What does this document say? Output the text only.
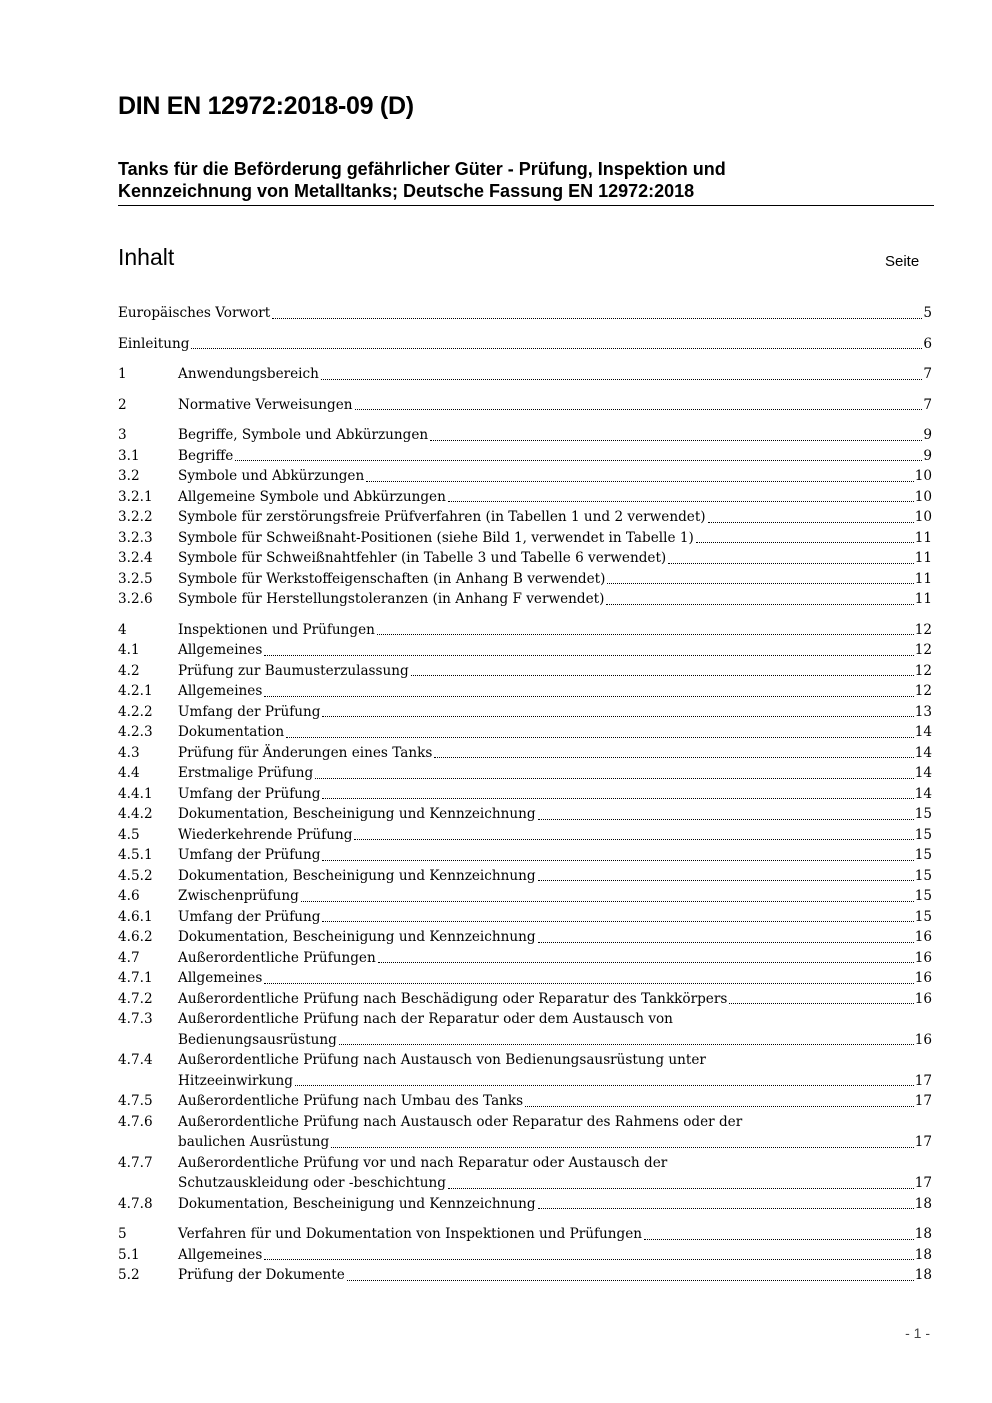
DIN EN 12972:2018-09 (D)
Tanks für die Beförderung gefährlicher Güter - Prüfung, Inspektion und
Kennzeichnung von Metalltanks; Deutsche Fassung EN 12972:2018
Inhalt	Seite
Europäisches Vorwort	5
Einleitung	6
1	Anwendungsbereich	7
2	Normative Verweisungen	7
3	Begriffe, Symbole und Abkürzungen	9
3.1	Begriffe	9
3.2	Symbole und Abkürzungen	10
3.2.1 Allgemeine Symbole und Abkürzungen	10
3.2.2 Symbole für zerstörungsfreie Prüfverfahren (in Tabellen 1 und 2 verwendet)	10
3.2.3 Symbole für Schweißnaht-Positionen (siehe Bild 1, verwendet in Tabelle 1)	11
3.2.4 Symbole für Schweißnahtfehler (in Tabelle 3 und Tabelle 6 verwendet)	11
3.2.5 Symbole für Werkstoffeigenschaften (in Anhang B verwendet)	11
3.2.6 Symbole für Herstellungstoleranzen (in Anhang F verwendet)	11
4	Inspektionen und Prüfungen	12
4.1	Allgemeines	12
4.2	Prüfung zur Baumusterzulassung	12
4.2.1 Allgemeines	12
4.2.2 Umfang der Prüfung	13
4.2.3 Dokumentation	14
4.3	Prüfung für Änderungen eines Tanks	14
4.4	Erstmalige Prüfung	14
4.4.1 Umfang der Prüfung	14
4.4.2 Dokumentation, Bescheinigung und Kennzeichnung	15
4.5	Wiederkehrende Prüfung	15
4.5.1 Umfang der Prüfung	15
4.5.2 Dokumentation, Bescheinigung und Kennzeichnung	15
4.6	Zwischenprüfung	15
4.6.1 Umfang der Prüfung	15
4.6.2 Dokumentation, Bescheinigung und Kennzeichnung	16
4.7	Außerordentliche Prüfungen	16
4.7.1 Allgemeines	16
4.7.2 Außerordentliche Prüfung nach Beschädigung oder Reparatur des Tankkörpers	16
4.7.3 Außerordentliche Prüfung nach der Reparatur oder dem Austausch von
Bedienungsausrüstung	16
4.7.4 Außerordentliche Prüfung nach Austausch von Bedienungsausrüstung unter
Hitzeeinwirkung	17
4.7.5 Außerordentliche Prüfung nach Umbau des Tanks	17
4.7.6 Außerordentliche Prüfung nach Austausch oder Reparatur des Rahmens oder der
baulichen Ausrüstung	17
4.7.7 Außerordentliche Prüfung vor und nach Reparatur oder Austausch der
Schutzauskleidung oder -beschichtung	17
4.7.8 Dokumentation, Bescheinigung und Kennzeichnung	18
5	Verfahren für und Dokumentation von Inspektionen und Prüfungen	18
5.1	Allgemeines	18
5.2	Prüfung der Dokumente	18
- 1 -
